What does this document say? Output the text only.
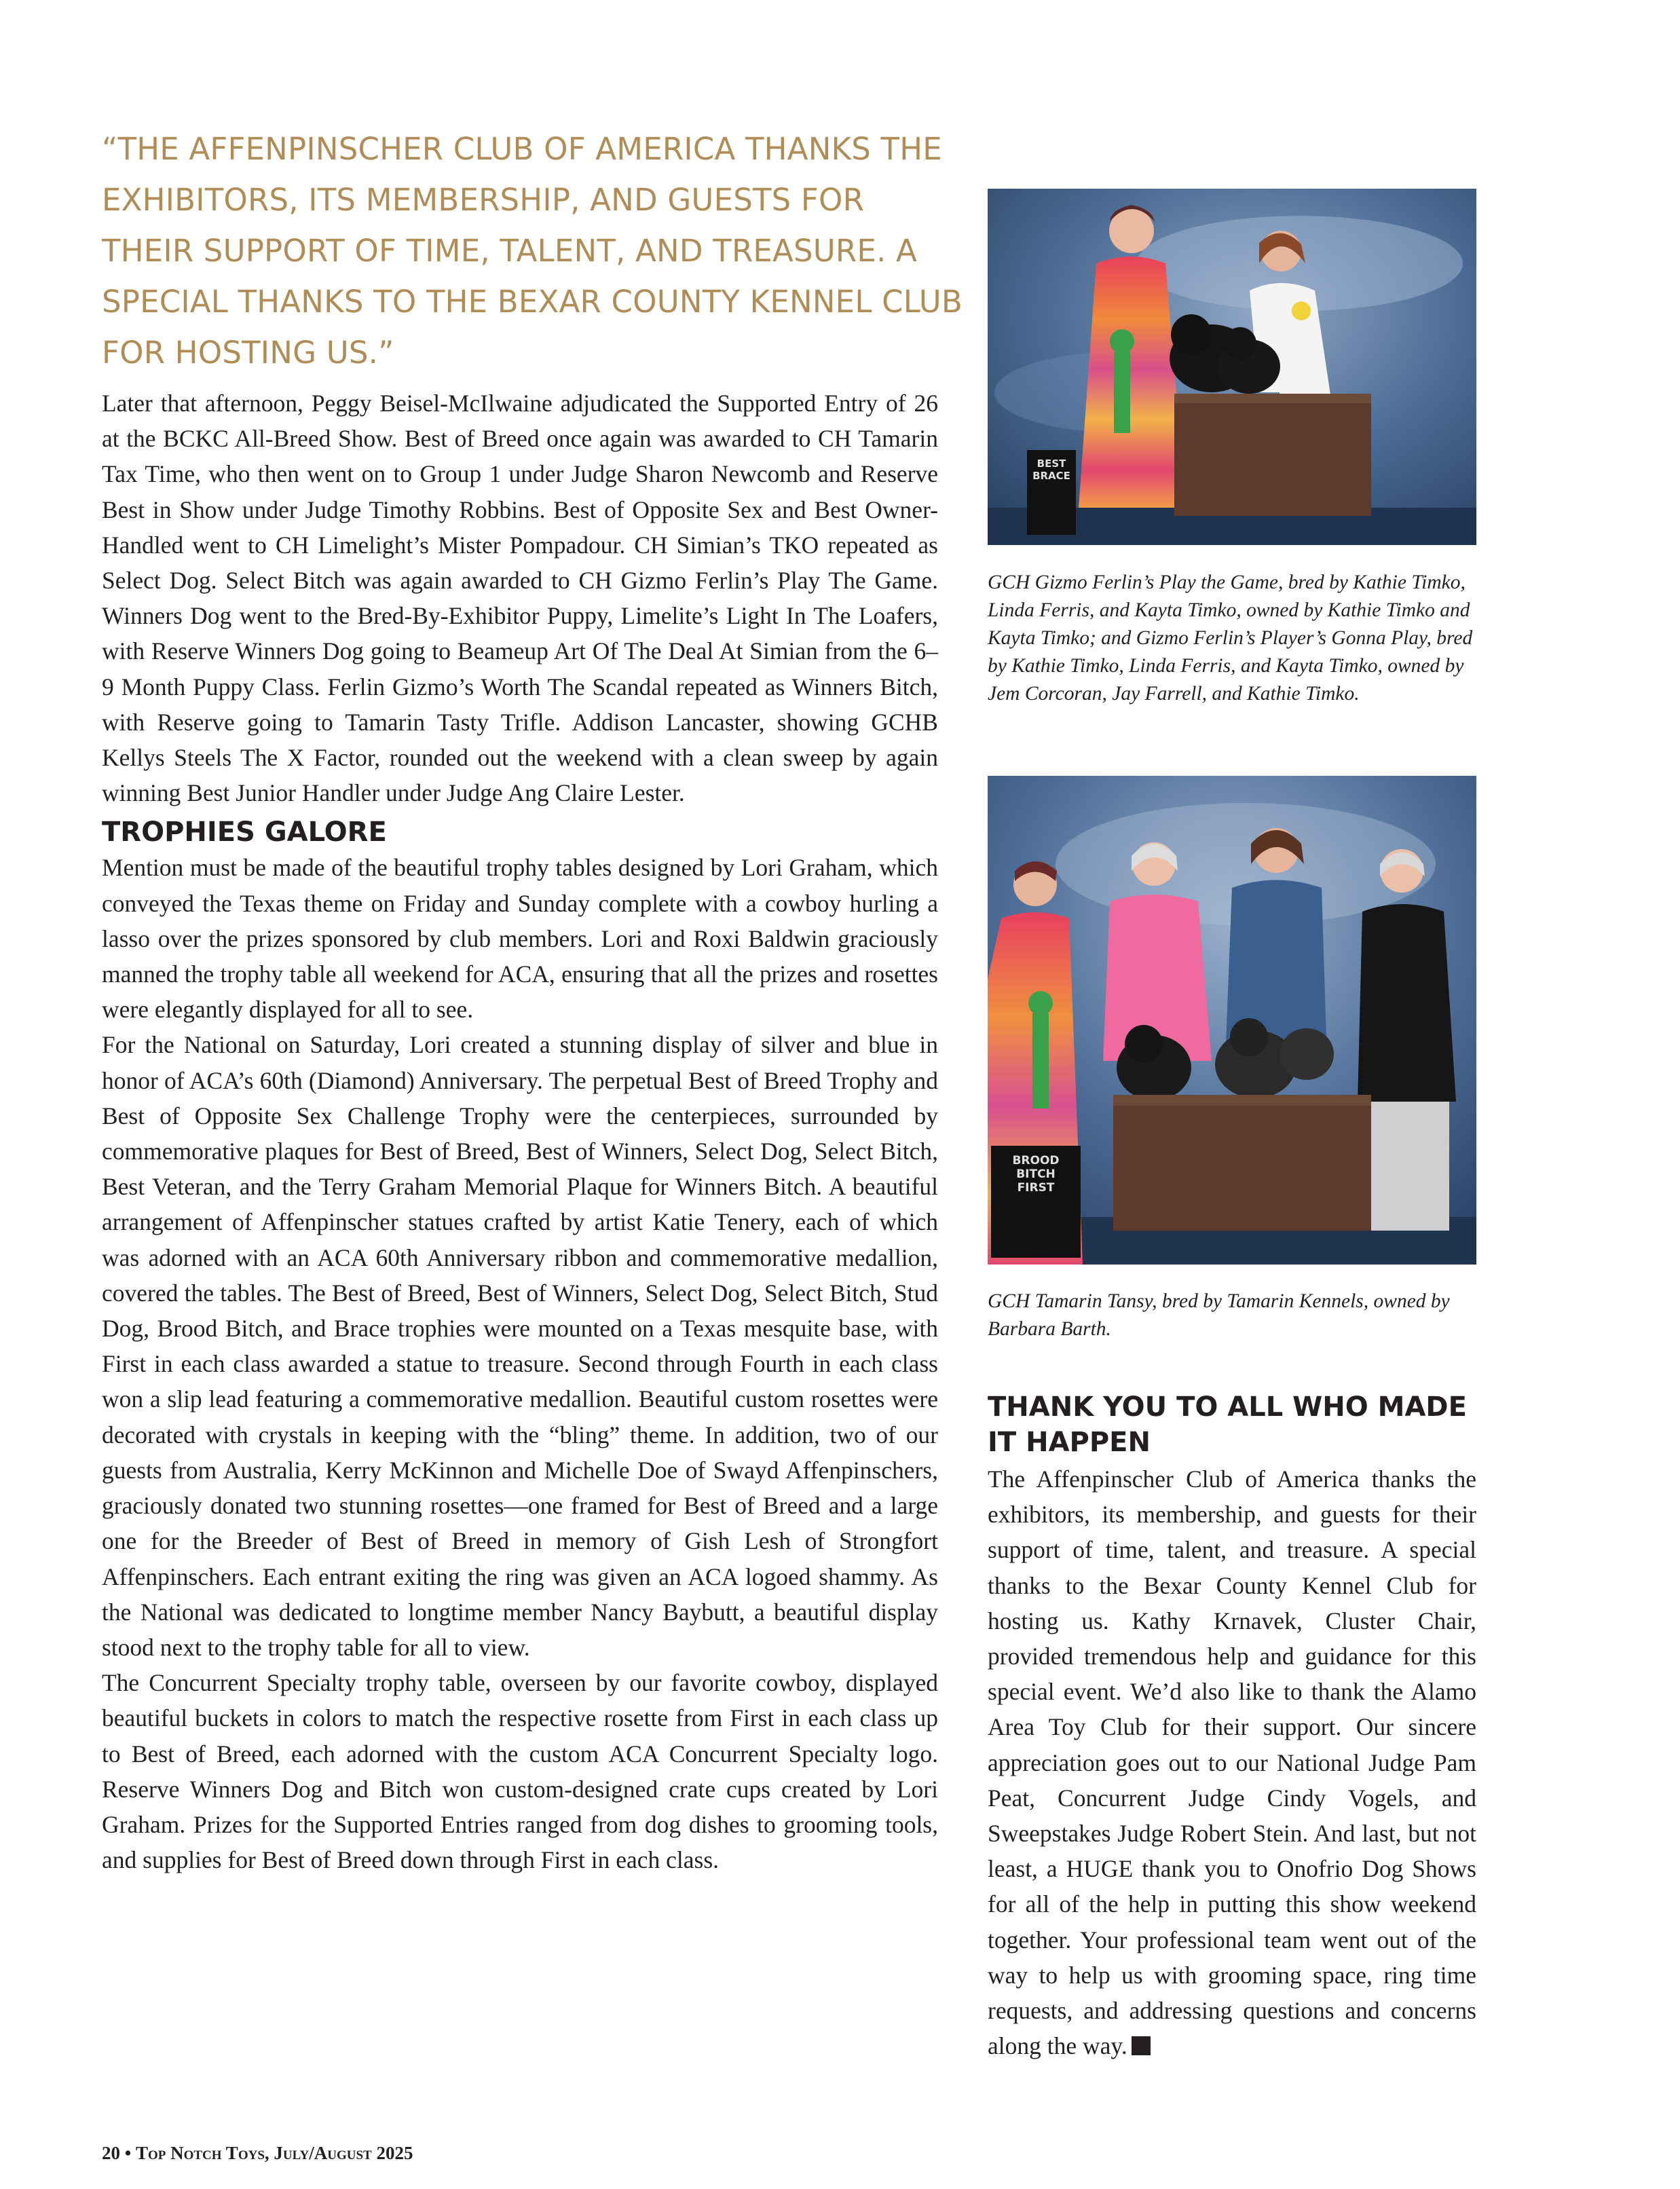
“THE AFFENPINSCHER CLUB OF AMERICA THANKS THE EXHIBITORS, ITS MEMBERSHIP, AND GUESTS FOR THEIR SUPPORT OF TIME, TALENT, AND TREASURE. A SPECIAL THANKS TO THE BEXAR COUNTY KENNEL CLUB FOR HOSTING US.”

Later that afternoon, Peggy Beisel-McIlwaine adjudicated the Supported Entry of 26 at the BCKC All-Breed Show. Best of Breed once again was awarded to CH Tamarin Tax Time, who then went on to Group 1 under Judge Sharon Newcomb and Reserve Best in Show under Judge Timothy Robbins. Best of Opposite Sex and Best Owner-Handled went to CH Limelight’s Mister Pompadour. CH Simian’s TKO repeated as Select Dog. Select Bitch was again awarded to CH Gizmo Ferlin’s Play The Game. Winners Dog went to the Bred-By-Exhibitor Puppy, Limelite’s Light In The Loafers, with Reserve Winners Dog going to Beameup Art Of The Deal At Simian from the 6–9 Month Puppy Class. Ferlin Gizmo’s Worth The Scandal repeated as Winners Bitch, with Reserve going to Tamarin Tasty Trifle. Addison Lancaster, showing GCHB Kellys Steels The X Factor, rounded out the weekend with a clean sweep by again winning Best Junior Handler under Judge Ang Claire Lester.

TROPHIES GALORE

Mention must be made of the beautiful trophy tables designed by Lori Graham, which conveyed the Texas theme on Friday and Sunday complete with a cowboy hurling a lasso over the prizes sponsored by club members. Lori and Roxi Baldwin graciously manned the trophy table all weekend for ACA, ensuring that all the prizes and rosettes were elegantly displayed for all to see.

For the National on Saturday, Lori created a stunning display of silver and blue in honor of ACA’s 60th (Diamond) Anniversary. The perpetual Best of Breed Trophy and Best of Opposite Sex Challenge Trophy were the centerpieces, surrounded by commemorative plaques for Best of Breed, Best of Winners, Select Dog, Select Bitch, Best Veteran, and the Terry Graham Memorial Plaque for Winners Bitch. A beautiful arrangement of Affenpinscher statues crafted by artist Katie Tenery, each of which was adorned with an ACA 60th Anniversary ribbon and commemorative medallion, covered the tables. The Best of Breed, Best of Winners, Select Dog, Select Bitch, Stud Dog, Brood Bitch, and Brace trophies were mounted on a Texas mesquite base, with First in each class awarded a statue to treasure. Second through Fourth in each class won a slip lead featuring a commemorative medallion. Beautiful custom rosettes were decorated with crystals in keeping with the “bling” theme. In addition, two of our guests from Australia, Kerry McKinnon and Michelle Doe of Swayd Affenpinschers, graciously donated two stunning rosettes—one framed for Best of Breed and a large one for the Breeder of Best of Breed in memory of Gish Lesh of Strongfort Affenpinschers. Each entrant exiting the ring was given an ACA logoed shammy. As the National was dedicated to longtime member Nancy Baybutt, a beautiful display stood next to the trophy table for all to view.

The Concurrent Specialty trophy table, overseen by our favorite cowboy, displayed beautiful buckets in colors to match the respective rosette from First in each class up to Best of Breed, each adorned with the custom ACA Concurrent Specialty logo. Reserve Winners Dog and Bitch won custom-designed crate cups created by Lori Graham. Prizes for the Supported Entries ranged from dog dishes to grooming tools, and supplies for Best of Breed down through First in each class.

BEST
BRACE

GCH Gizmo Ferlin’s Play the Game, bred by Kathie Timko, Linda Ferris, and Kayta Timko, owned by Kathie Timko and Kayta Timko; and Gizmo Ferlin’s Player’s Gonna Play, bred by Kathie Timko, Linda Ferris, and Kayta Timko, owned by Jem Corcoran, Jay Farrell, and Kathie Timko.

BROOD
BITCH
FIRST

GCH Tamarin Tansy, bred by Tamarin Kennels, owned by Barbara Barth.

THANK YOU TO ALL WHO MADE IT HAPPEN

The Affenpinscher Club of America thanks the exhibitors, its membership, and guests for their support of time, talent, and treasure. A special thanks to the Bexar County Kennel Club for hosting us. Kathy Krnavek, Cluster Chair, provided tremendous help and guidance for this special event. We’d also like to thank the Alamo Area Toy Club for their support. Our sincere appreciation goes out to our National Judge Pam Peat, Concurrent Judge Cindy Vogels, and Sweepstakes Judge Robert Stein. And last, but not least, a HUGE thank you to Onofrio Dog Shows for all of the help in putting this show weekend together. Your professional team went out of the way to help us with grooming space, ring time requests, and addressing questions and concerns along the way.

20 • Top Notch Toys, July/August 2025
